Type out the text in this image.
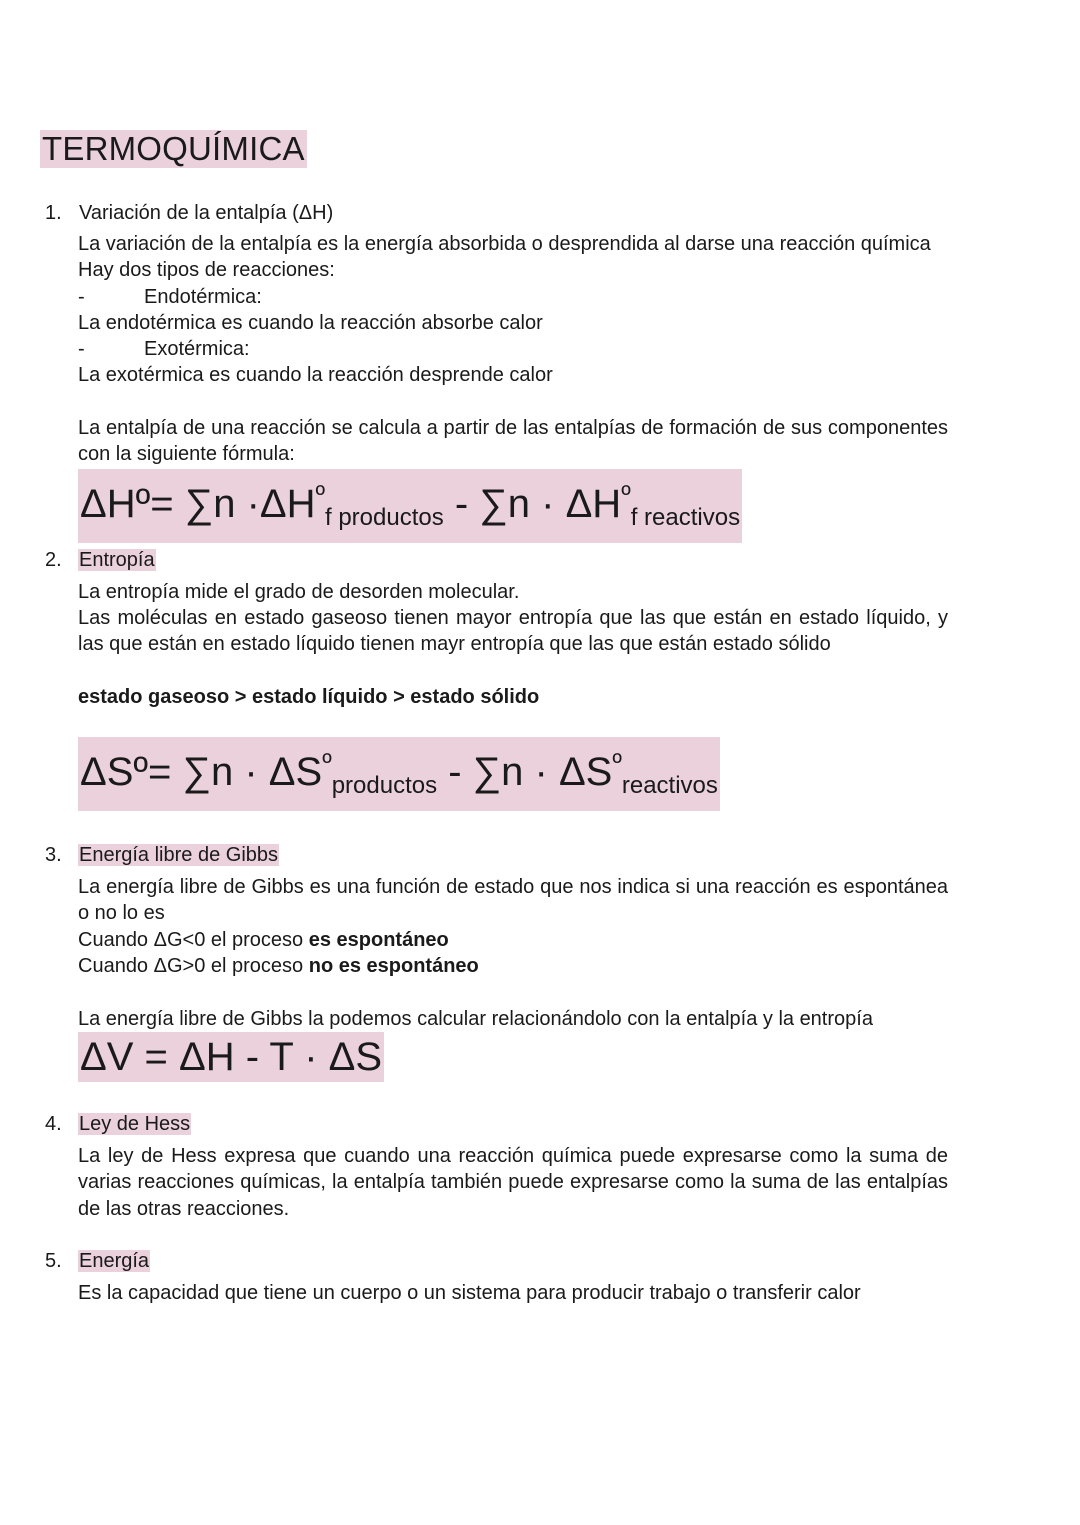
TERMOQUÍMICA
1. Variación de la entalpía (ΔH)
La variación de la entalpía es la energía absorbida o desprendida al darse una reacción química
Hay dos tipos de reacciones:
-	Endotérmica:
La endotérmica es cuando la reacción absorbe calor
-	Exotérmica:
La exotérmica es cuando la reacción desprende calor
La entalpía de una reacción se calcula a partir de las entalpías de formación de sus componentes con la siguiente fórmula:
ΔHº= $\sum n \cdot\Delta H^º_{f productos} - \sum n \cdot \Delta H^º_{f reactivos}$
2. Entropía
La entropía mide el grado de desorden molecular.
Las moléculas en estado gaseoso tienen mayor entropía que las que están en estado líquido, y las que están en estado líquido tienen mayr entropía que las que están estado sólido
estado gaseoso > estado líquido > estado sólido
ΔSº= $\sum n \cdot \Delta S^º_{productos} - \sum n \cdot \Delta S^º_{reactivos}$
3. Energía libre de Gibbs
La energía libre de Gibbs es una función de estado que nos indica si una reacción es espontánea o no lo es
Cuando ΔG<0 el proceso es espontáneo
Cuando ΔG>0 el proceso no es espontáneo
La energía libre de Gibbs la podemos calcular relacionándolo con la entalpía y la entropía
ΔV = ΔH - T · ΔS
4. Ley de Hess
La ley de Hess expresa que cuando una reacción química puede expresarse como la suma de varias reacciones químicas, la entalpía también puede expresarse como la suma de las entalpías de las otras reacciones.
5. Energía
Es la capacidad que tiene un cuerpo o un sistema para producir trabajo o transferir calor
